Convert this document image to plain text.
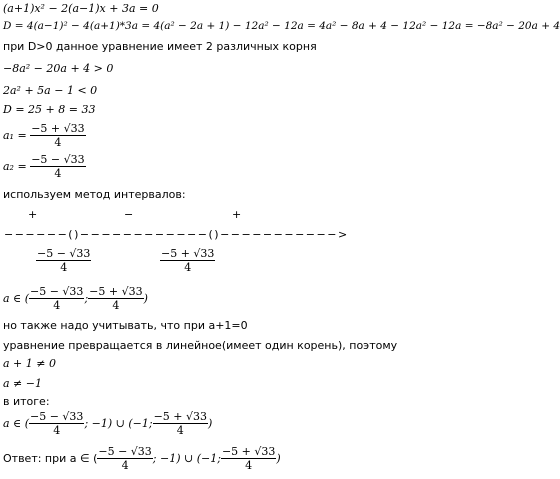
(a+1)x² − 2(a−1)x + 3a = 0
D = 4(a−1)² − 4(a+1)*3a = 4(a² − 2a + 1) − 12a² − 12a = 4a² − 8a + 4 − 12a² − 12a = −8a² − 20a + 4
при D>0 данное уравнение имеет 2 различных корня
−8a² − 20a + 4 > 0
2a² + 5a − 1 < 0
D = 25 + 8 = 33
$a_1 = \frac{-5 + √33}{4}$
$a_2 = \frac{-5 - √33}{4}$
используем метод интервалов:
+	−	+
−−−−−−()−−−−−−−−−−−−()−−−−−−−−−−−>
$\frac{-5 - √33}{4}$	$\frac{-5 + √33}{4}$
a ∈ ( $\frac{-5 - √33}{4}$ ; $\frac{-5 + √33}{4}$ )
но также надо учитывать, что при a+1=0
уравнение превращается в линейное(имеет один корень), поэтому
a + 1 ≠ 0
a ≠ −1
в итоге:
a ∈ ( $\frac{-5 - √33}{4}$ ; −1) ∪ (−1; $\frac{-5 + √33}{4}$ )
Ответ: при a ∈ ( $\frac{-5 - √33}{4}$ ; −1) ∪ (−1; $\frac{-5 + √33}{4}$ )
